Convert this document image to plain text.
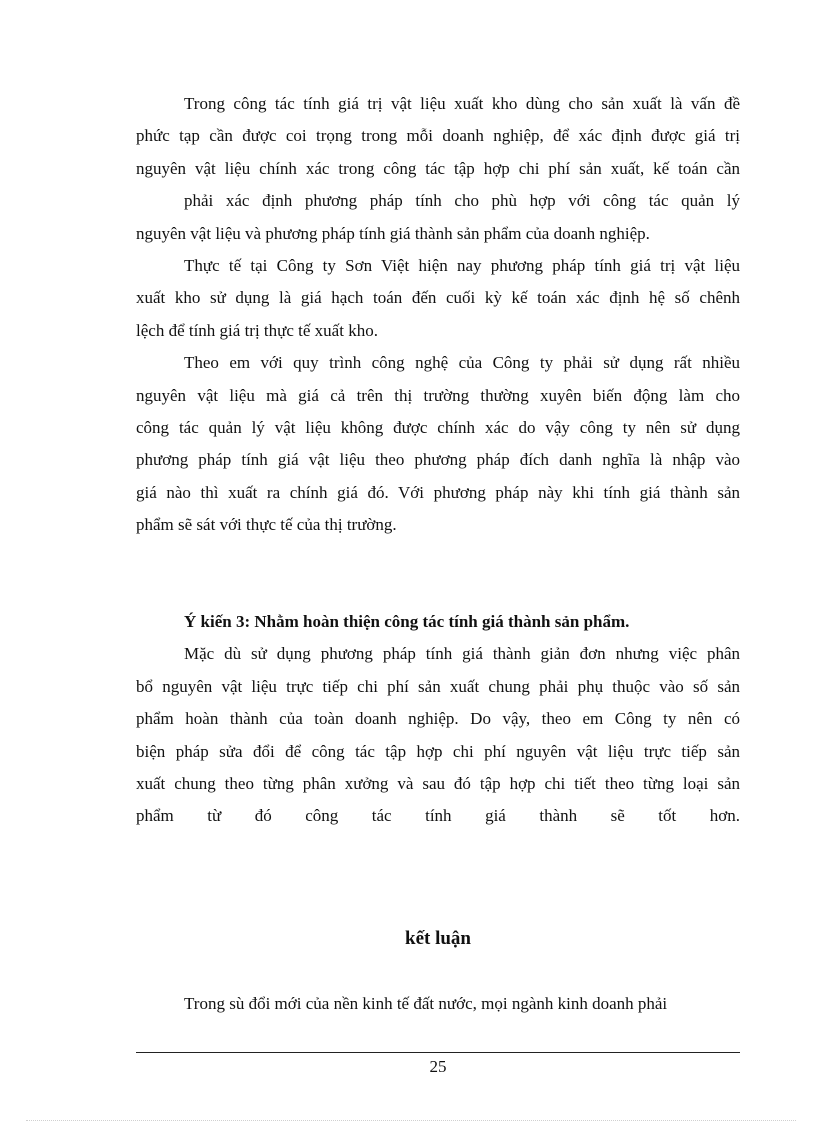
Trong công tác tính giá trị vật liệu xuất kho dùng cho sản xuất là vấn đề
phức tạp cần được coi trọng trong mỗi doanh nghiệp, để xác định được giá trị
nguyên vật liệu chính xác trong công tác tập hợp chi phí sản xuất, kế toán cần
phải xác định phương pháp tính cho phù hợp với công tác quản lý
nguyên vật liệu và phương pháp tính giá thành sản phẩm của doanh nghiệp.
Thực tế tại Công ty Sơn Việt hiện nay phương pháp tính giá trị vật liệu
xuất kho sử dụng là giá hạch toán đến cuối kỳ kế toán xác định hệ số chênh
lệch để tính giá trị thực tế xuất kho.
Theo em với quy trình công nghệ của Công ty phải sử dụng rất nhiều
nguyên vật liệu mà giá cả trên thị trường thường xuyên biến động làm cho
công tác quản lý vật liệu không được chính xác do vậy công ty nên sử dụng
phương pháp tính giá vật liệu theo phương pháp đích danh nghĩa là nhập vào
giá nào thì xuất ra chính giá đó. Với phương pháp này khi tính giá thành sản
phẩm sẽ sát với thực tế của thị trường.
Ý kiến 3: Nhằm hoàn thiện công tác tính giá thành sản phẩm.
Mặc dù sử dụng phương pháp tính giá thành giản đơn nhưng việc phân
bổ nguyên vật liệu trực tiếp chi phí sản xuất chung phải phụ thuộc vào số sản
phẩm hoàn thành của toàn doanh nghiệp. Do vậy, theo em Công ty nên có
biện pháp sửa đổi để công tác tập hợp chi phí nguyên vật liệu trực tiếp sản
xuất chung theo từng phân xưởng và sau đó tập hợp chi tiết theo từng loại sản
phẩm từ đó công tác tính giá thành sẽ tốt hơn.
kết luận
Trong sù đổi mới của nền kinh tế đất nước, mọi ngành kinh doanh phải
25
